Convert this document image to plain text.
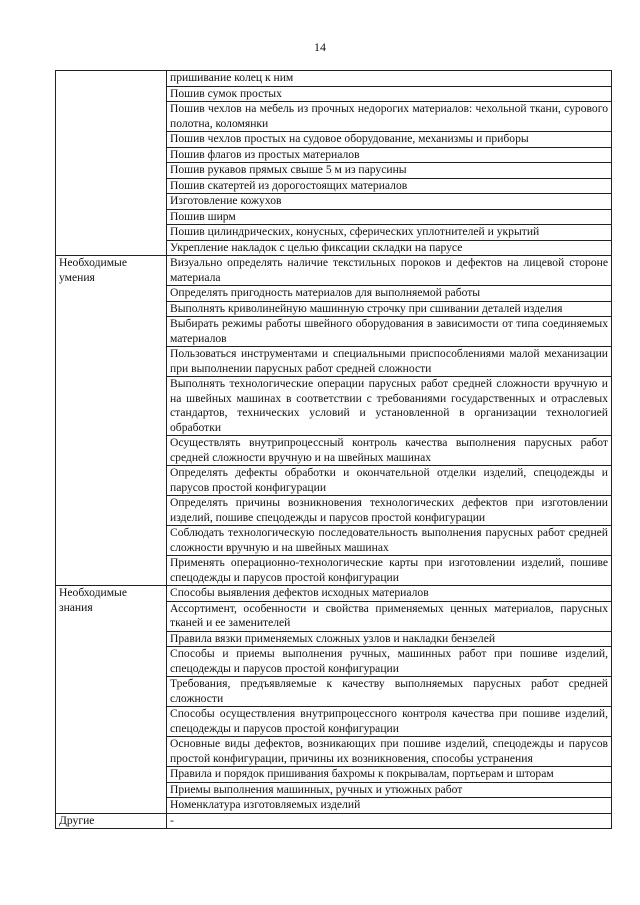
14
	пришивание колец к ним
	Пошив сумок простых
	Пошив чехлов на мебель из прочных недорогих материалов: чехольной ткани, сурового полотна, коломянки
	Пошив чехлов простых на судовое оборудование, механизмы и приборы
	Пошив флагов из простых материалов
	Пошив рукавов прямых свыше 5 м из парусины
	Пошив скатертей из дорогостоящих материалов
	Изготовление кожухов
	Пошив ширм
	Пошив цилиндрических, конусных, сферических уплотнителей и укрытий
	Укрепление накладок с целью фиксации складки на парусе
Необходимые умения	Визуально определять наличие текстильных пороков и дефектов на лицевой стороне материала
	Определять пригодность материалов для выполняемой работы
	Выполнять криволинейную машинную строчку при сшивании деталей изделия
	Выбирать режимы работы швейного оборудования в зависимости от типа соединяемых материалов
	Пользоваться инструментами и специальными приспособлениями малой механизации при выполнении парусных работ средней сложности
	Выполнять технологические операции парусных работ средней сложности вручную и на швейных машинах в соответствии с требованиями государственных и отраслевых стандартов, технических условий и установленной в организации технологией обработки
	Осуществлять внутрипроцессный контроль качества выполнения парусных работ средней сложности вручную и на швейных машинах
	Определять дефекты обработки и окончательной отделки изделий, спецодежды и парусов простой конфигурации
	Определять причины возникновения технологических дефектов при изготовлении изделий, пошиве спецодежды и парусов простой конфигурации
	Соблюдать технологическую последовательность выполнения парусных работ средней сложности вручную и на швейных машинах
	Применять операционно-технологические карты при изготовлении изделий, пошиве спецодежды и парусов простой конфигурации
Необходимые знания	Способы выявления дефектов исходных материалов
	Ассортимент, особенности и свойства применяемых ценных материалов, парусных тканей и ее заменителей
	Правила вязки применяемых сложных узлов и накладки бензелей
	Способы и приемы выполнения ручных, машинных работ при пошиве изделий, спецодежды и парусов простой конфигурации
	Требования, предъявляемые к качеству выполняемых парусных работ средней сложности
	Способы осуществления внутрипроцессного контроля качества при пошиве изделий, спецодежды и парусов простой конфигурации
	Основные виды дефектов, возникающих при пошиве изделий, спецодежды и парусов простой конфигурации, причины их возникновения, способы устранения
	Правила и порядок пришивания бахромы к покрывалам, портьерам и шторам
	Приемы выполнения машинных, ручных и утюжных работ
	Номенклатура изготовляемых изделий
Другие	-
